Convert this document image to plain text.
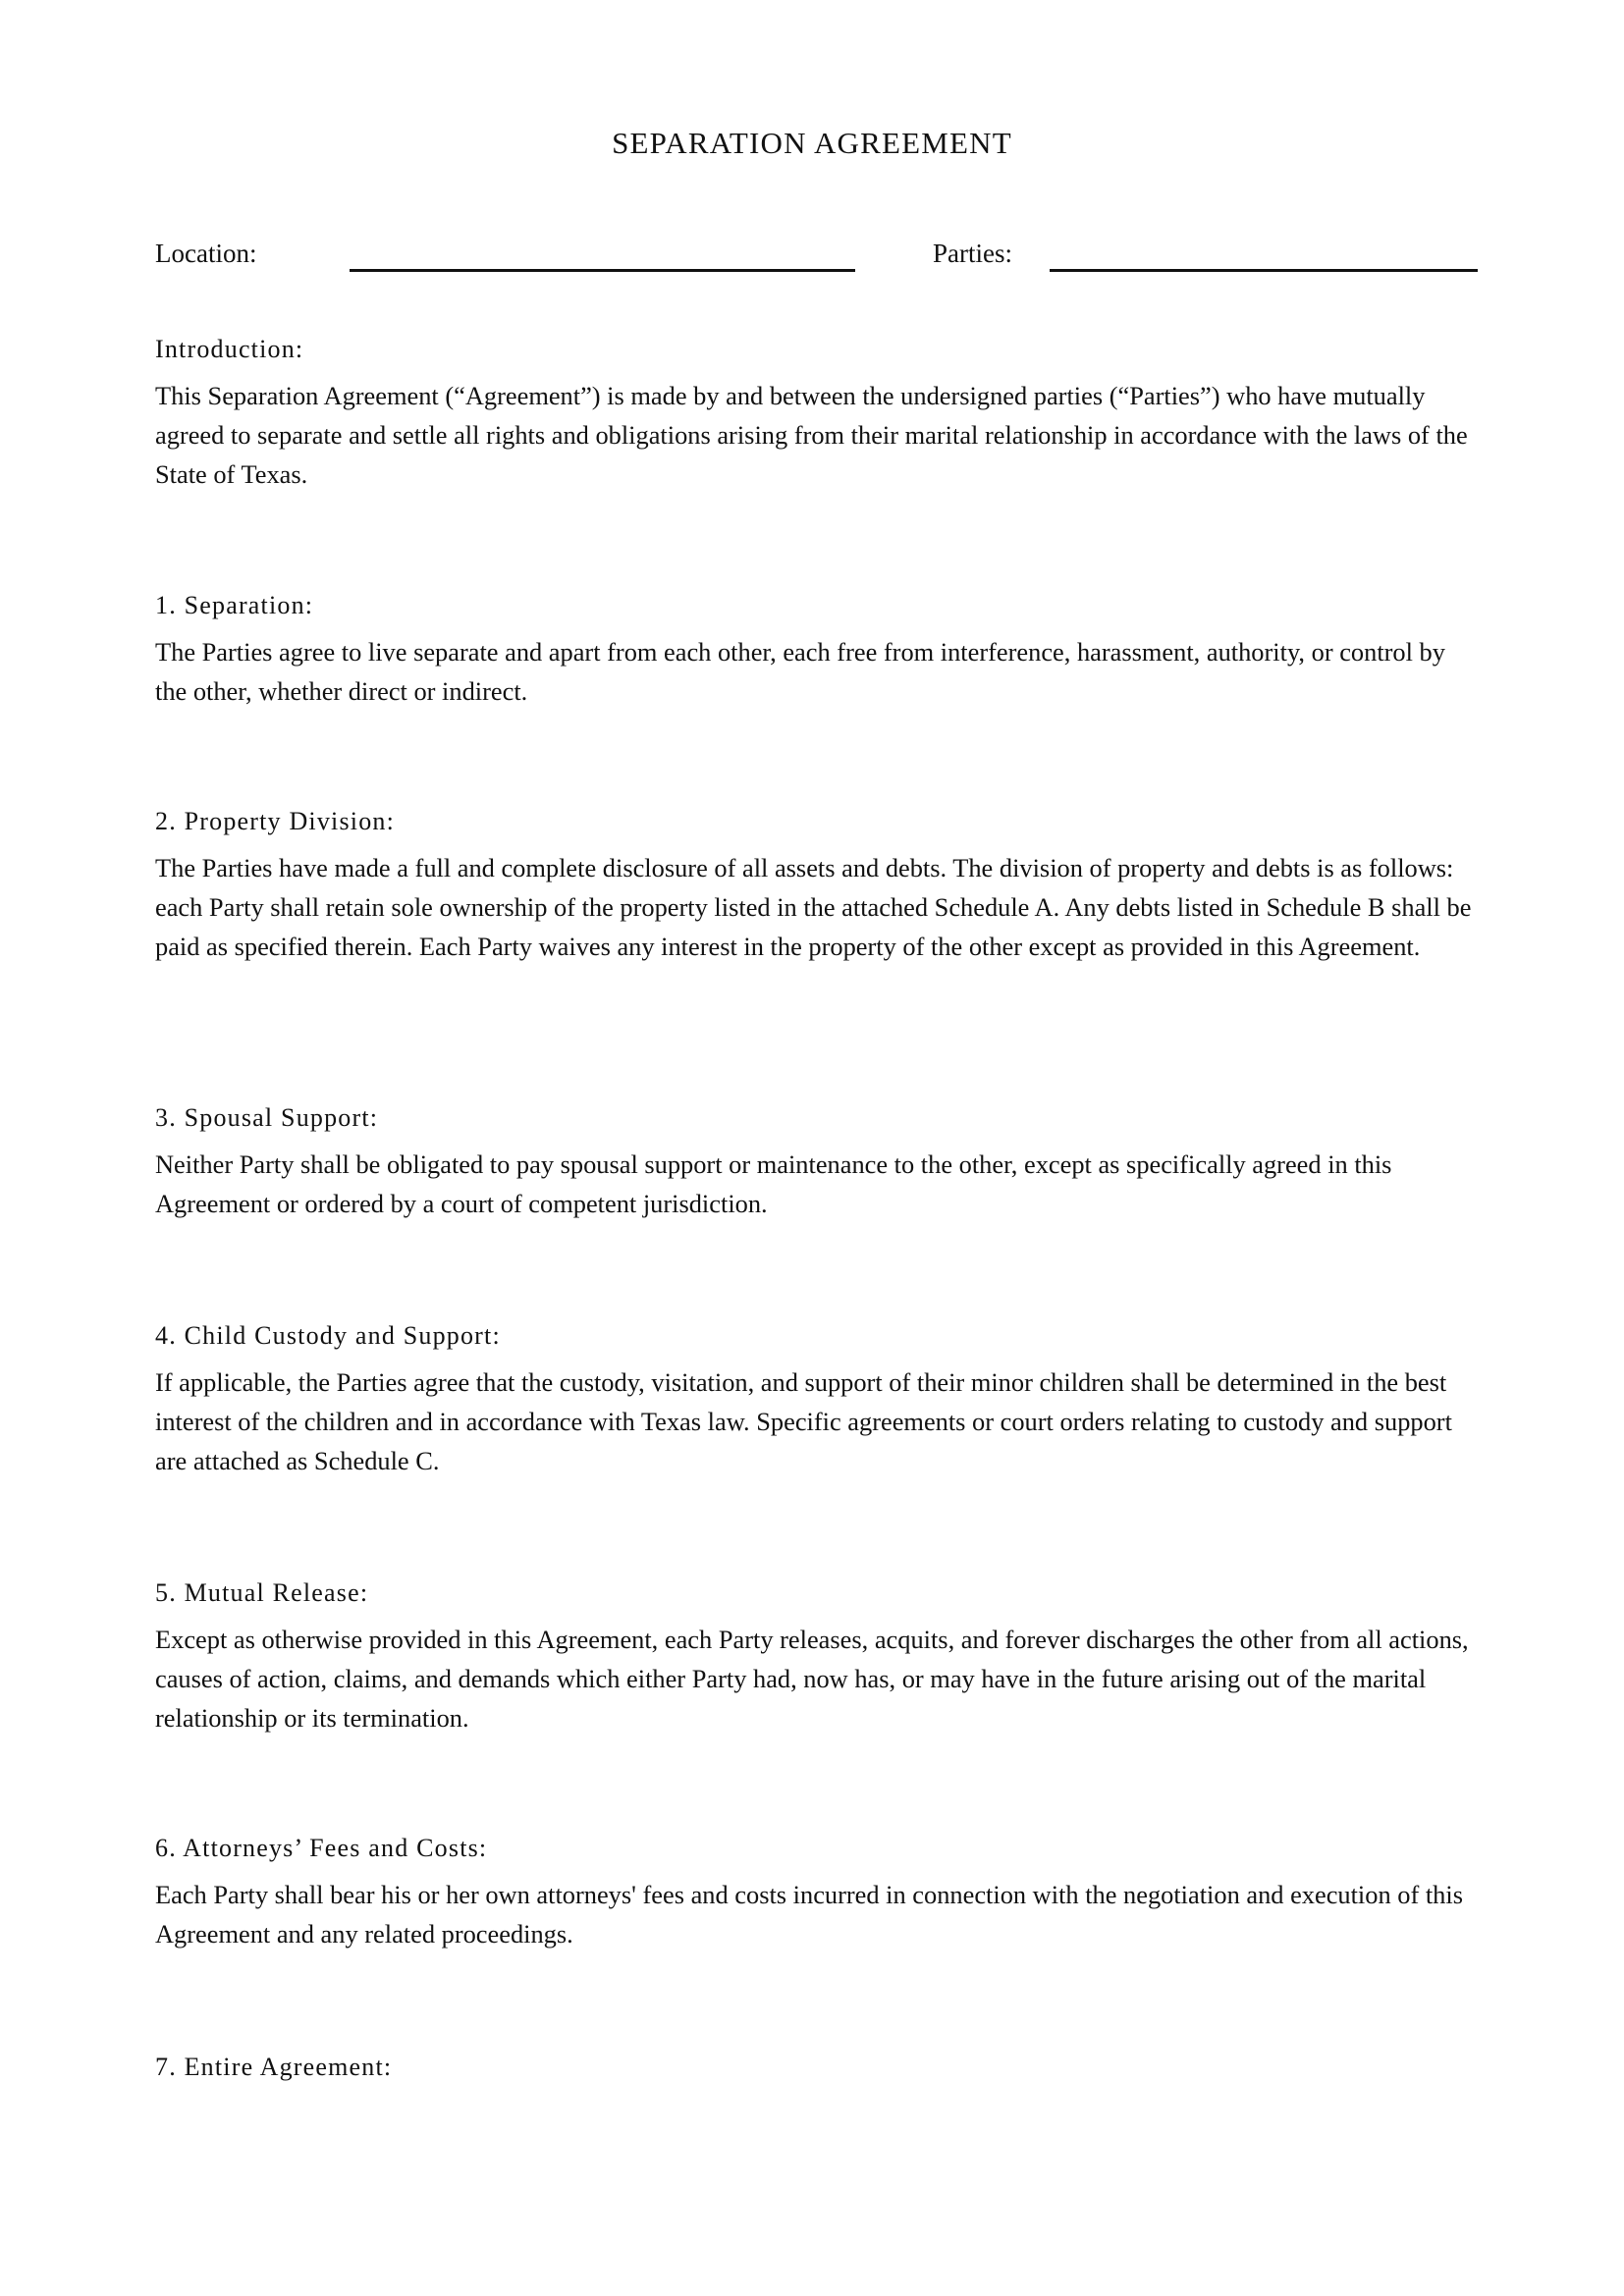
SEPARATION AGREEMENT
Location:	Parties:
Introduction:

This Separation Agreement (“Agreement”) is made by and between the undersigned parties (“Parties”) who have mutually agreed to separate and settle all rights and obligations arising from their marital relationship in accordance with the laws of the State of Texas.

1. Separation:

The Parties agree to live separate and apart from each other, each free from interference, harassment, authority, or control by the other, whether direct or indirect.

2. Property Division:

The Parties have made a full and complete disclosure of all assets and debts. The division of property and debts is as follows: each Party shall retain sole ownership of the property listed in the attached Schedule A. Any debts listed in Schedule B shall be paid as specified therein. Each Party waives any interest in the property of the other except as provided in this Agreement.

3. Spousal Support:

Neither Party shall be obligated to pay spousal support or maintenance to the other, except as specifically agreed in this Agreement or ordered by a court of competent jurisdiction.

4. Child Custody and Support:

If applicable, the Parties agree that the custody, visitation, and support of their minor children shall be determined in the best interest of the children and in accordance with Texas law. Specific agreements or court orders relating to custody and support are attached as Schedule C.

5. Mutual Release:

Except as otherwise provided in this Agreement, each Party releases, acquits, and forever discharges the other from all actions, causes of action, claims, and demands which either Party had, now has, or may have in the future arising out of the marital relationship or its termination.

6. Attorneys’ Fees and Costs:

Each Party shall bear his or her own attorneys' fees and costs incurred in connection with the negotiation and execution of this Agreement and any related proceedings.

7. Entire Agreement:
